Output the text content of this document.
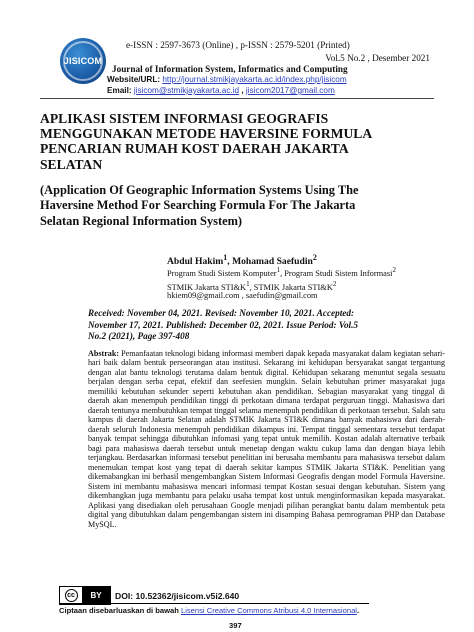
JISICOM
e-ISSN : 2597-3673 (Online) , p-ISSN : 2579-5201 (Printed)
Vol.5 No.2 , Desember 2021
Journal of Information System, Informatics and Computing
Website/URL: http://journal.stmikjayakarta.ac.id/index.php/jisicom
Email: jisicom@stmikjayakarta.ac.id , jisicom2017@gmail.com
APLIKASI SISTEM INFORMASI GEOGRAFIS
MENGGUNAKAN METODE HAVERSINE FORMULA
PENCARIAN RUMAH KOST DAERAH JAKARTA
SELATAN
(Application Of Geographic Information Systems Using The
Haversine Method For Searching Formula For The Jakarta
Selatan Regional Information System)
Abdul Hakim$^1$, Mohamad Saefudin$^2$
Program Studi Sistem Komputer$^1$, Program Studi Sistem Informasi$^2$
STMIK Jakarta $STI\&K^1$, STMIK Jakarta $STI\&K^2$
hkiem09@gmail.com , saefudin@gmail.com
Received: November 04, 2021. Revised: November 10, 2021. Accepted:
November 17, 2021. Published: December 02, 2021. Issue Period: Vol.5
No.2 (2021), Page 397-408
Abstrak: Pemanfaatan teknologi bidang informasi memberi dapak kepada masyarakat dalam kegiatan sehari-hari baik dalam bentuk perseorangan atau institusi. Sekarang ini kehidupan bersyarakat sangat tergantung dengan alat bantu teknologi terutama dalam bentuk digital. Kehidupan sekarang menuntut segala sesuatu berjalan dengan serba cepat, efektif dan seefesien mungkin. Selain kebutuhan primer masyarakat juga memiliki kebutuhan sekunder seperti kebutuhan akan pendidikan. Sebagian masyarakat yang tinggal di daerah akan menempuh pendidikan tinggi di perkotaan dimana terdapat perguruan tinggi. Mahasiswa dari daerah tentunya membutuhkan tempat tinggal selama menempuh pendidikan di perkotaan tersebut. Salah satu kampus di daerah Jakarta Selatan adalah STMIK Jakarta STI&K dimana banyak mahasiswa dari daerah-daerah seluruh Indonesia menempuh pendidikan dikampus ini. Tempat tinggal sementara tersebut terdapat banyak tempat sehingga dibutuhkan infomasi yang tepat untuk memilih. Kostan adalah alternative terbaik bagi para mahasiswa daerah tersebut untuk menetap dengan waktu cukup lama dan dengan biaya lebih terjangkau. Berdasarkan informasi tersebut penelitian ini berusaha membantu para mahasiswa tersebut dalam menemukan tempat kost yang tepat di daerah sekitar kampus STMIK Jakarta STI&K. Penelitian yang dikemabangkan ini berhasil mengembangkan Sistem Informasi Geografis dengan model Formula Haversine. Sistem ini membantu mahasiswa mencari informasi tempat Kostan sesuai dengan kebutuhan. Sistem yang dikembangkan juga membantu para pelaku usaha tempat kost untuk menginformasikan kepada masyarakat. Aplikasi yang disediakan oleh perusahaan Google menjadi pilihan perangkat bantu dalam membentuk peta digital yang dibutuhkan dalam pengembangan sistem ini disamping Bahasa pemrograman PHP dan Database MySQL.
cc	BY	DOI: 10.52362/jisicom.v5i2.640
Ciptaan disebarluaskan di bawah Lisensi Creative Commons Atribusi 4.0 Internasional.
397
